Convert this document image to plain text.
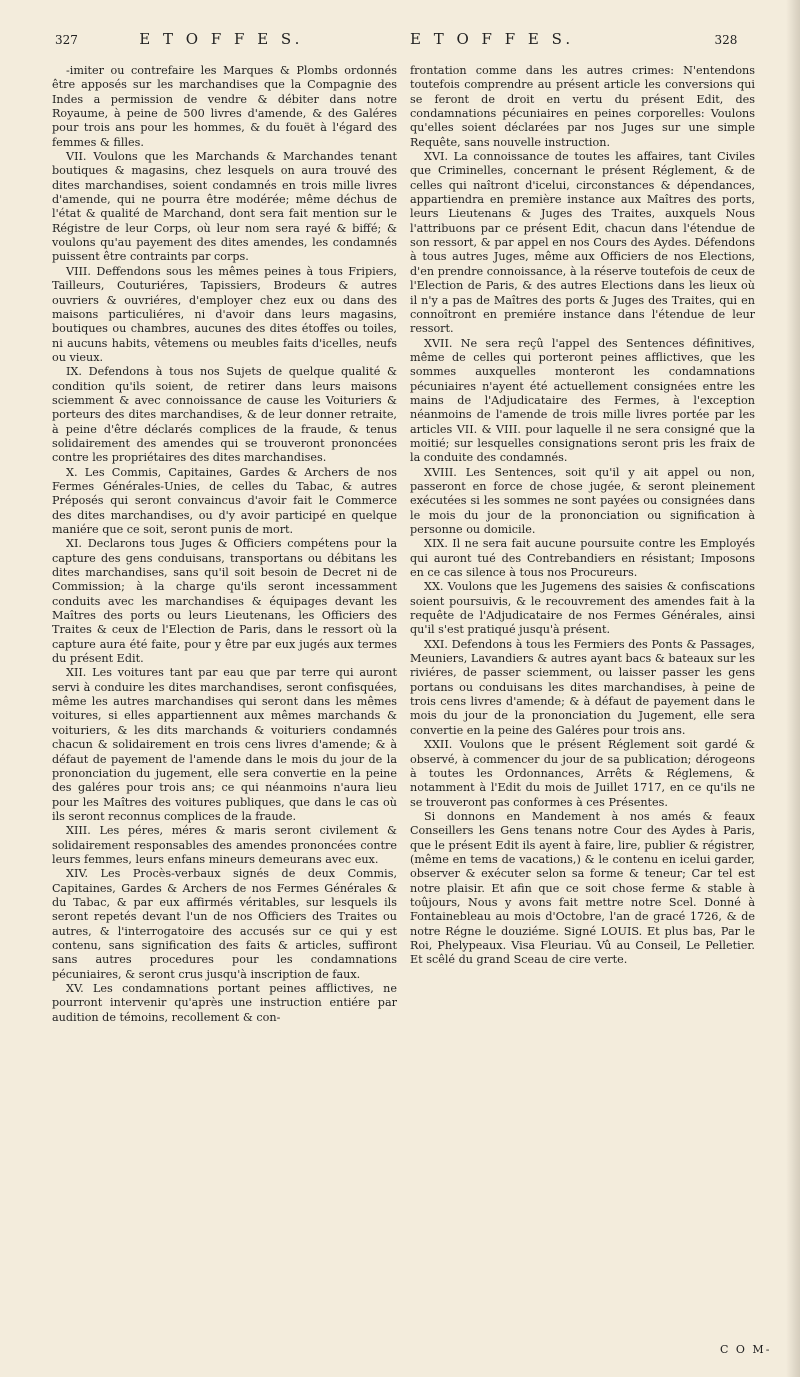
327	E T O F F E S.	E T O F F E S.	328

-imiter ou contrefaire les Marques & Plombs ordonnés être apposés sur les marchandises que la Compagnie des Indes a permission de vendre & débiter dans notre Royaume, à peine de 500 livres d'amende, & des Galéres pour trois ans pour les hommes, & du fouët à l'égard des femmes & filles.

VII. Voulons que les Marchands & Marchandes tenant boutiques & magasins, chez lesquels on aura trouvé des dites marchandises, soient condamnés en trois mille livres d'amende, qui ne pourra être modérée; même déchus de l'état & qualité de Marchand, dont sera fait mention sur le Régistre de leur Corps, où leur nom sera rayé & biffé; & voulons qu'au payement des dites amendes, les condamnés puissent être contraints par corps.

VIII. Deffendons sous les mêmes peines à tous Fripiers, Tailleurs, Couturiéres, Tapissiers, Brodeurs & autres ouvriers & ouvriéres, d'employer chez eux ou dans des maisons particuliéres, ni d'avoir dans leurs magasins, boutiques ou chambres, aucunes des dites étoffes ou toiles, ni aucuns habits, vêtemens ou meubles faits d'icelles, neufs ou vieux.

IX. Defendons à tous nos Sujets de quelque qualité & condition qu'ils soient, de retirer dans leurs maisons sciemment & avec connoissance de cause les Voituriers & porteurs des dites marchandises, & de leur donner retraite, à peine d'être déclarés complices de la fraude, & tenus solidairement des amendes qui se trouveront prononcées contre les propriétaires des dites marchandises.

X. Les Commis, Capitaines, Gardes & Archers de nos Fermes Générales-Unies, de celles du Tabac, & autres Préposés qui seront convaincus d'avoir fait le Commerce des dites marchandises, ou d'y avoir participé en quelque maniére que ce soit, seront punis de mort.

XI. Declarons tous Juges & Officiers compétens pour la capture des gens conduisans, transportans ou débitans les dites marchandises, sans qu'il soit besoin de Decret ni de Commission; à la charge qu'ils seront incessamment conduits avec les marchandises & équipages devant les Maîtres des ports ou leurs Lieutenans, les Officiers des Traites & ceux de l'Election de Paris, dans le ressort où la capture aura été faite, pour y être par eux jugés aux termes du présent Edit.

XII. Les voitures tant par eau que par terre qui auront servi à conduire les dites marchandises, seront confisquées, même les autres marchandises qui seront dans les mêmes voitures, si elles appartiennent aux mêmes marchands & voituriers, & les dits marchands & voituriers condamnés chacun & solidairement en trois cens livres d'amende; & à défaut de payement de l'amende dans le mois du jour de la prononciation du jugement, elle sera convertie en la peine des galéres pour trois ans; ce qui néanmoins n'aura lieu pour les Maîtres des voitures publiques, que dans le cas où ils seront reconnus complices de la fraude.

XIII. Les péres, méres & maris seront civilement & solidairement responsables des amendes prononcées contre leurs femmes, leurs enfans mineurs demeurans avec eux.

XIV. Les Procès-verbaux signés de deux Commis, Capitaines, Gardes & Archers de nos Fermes Générales & du Tabac, & par eux affirmés véritables, sur lesquels ils seront repetés devant l'un de nos Officiers des Traites ou autres, & l'interrogatoire des accusés sur ce qui y est contenu, sans signification des faits & articles, suffiront sans autres procedures pour les condamnations pécuniaires, & seront crus jusqu'à inscription de faux.

XV. Les condamnations portant peines afflictives, ne pourront intervenir qu'après une instruction entiére par audition de témoins, recollement & con-

frontation comme dans les autres crimes: N'entendons toutefois comprendre au présent article les conversions qui se feront de droit en vertu du présent Edit, des condamnations pécuniaires en peines corporelles: Voulons qu'elles soient déclarées par nos Juges sur une simple Requête, sans nouvelle instruction.

XVI. La connoissance de toutes les affaires, tant Civiles que Criminelles, concernant le présent Réglement, & de celles qui naîtront d'icelui, circonstances & dépendances, appartiendra en première instance aux Maîtres des ports, leurs Lieutenans & Juges des Traites, auxquels Nous l'attribuons par ce présent Edit, chacun dans l'étendue de son ressort, & par appel en nos Cours des Aydes. Défendons à tous autres Juges, même aux Officiers de nos Elections, d'en prendre connoissance, à la réserve toutefois de ceux de l'Election de Paris, & des autres Elections dans les lieux où il n'y a pas de Maîtres des ports & Juges des Traites, qui en connoîtront en premiére instance dans l'étendue de leur ressort.

XVII. Ne sera reçû l'appel des Sentences définitives, même de celles qui porteront peines afflictives, que les sommes auxquelles monteront les condamnations pécuniaires n'ayent été actuellement consignées entre les mains de l'Adjudicataire des Fermes, à l'exception néanmoins de l'amende de trois mille livres portée par les articles VII. & VIII. pour laquelle il ne sera consigné que la moitié; sur lesquelles consignations seront pris les fraix de la conduite des condamnés.

XVIII. Les Sentences, soit qu'il y ait appel ou non, passeront en force de chose jugée, & seront pleinement exécutées si les sommes ne sont payées ou consignées dans le mois du jour de la prononciation ou signification à personne ou domicile.

XIX. Il ne sera fait aucune poursuite contre les Employés qui auront tué des Contrebandiers en résistant; Imposons en ce cas silence à tous nos Procureurs.

XX. Voulons que les Jugemens des saisies & confiscations soient poursuivis, & le recouvrement des amendes fait à la requête de l'Adjudicataire de nos Fermes Générales, ainsi qu'il s'est pratiqué jusqu'à présent.

XXI. Defendons à tous les Fermiers des Ponts & Passages, Meuniers, Lavandiers & autres ayant bacs & bateaux sur les riviéres, de passer sciemment, ou laisser passer les gens portans ou conduisans les dites marchandises, à peine de trois cens livres d'amende; & à défaut de payement dans le mois du jour de la prononciation du Jugement, elle sera convertie en la peine des Galéres pour trois ans.

XXII. Voulons que le présent Réglement soit gardé & observé, à commencer du jour de sa publication; dérogeons à toutes les Ordonnances, Arrêts & Réglemens, & notamment à l'Edit du mois de Juillet 1717, en ce qu'ils ne se trouveront pas conformes à ces Présentes.

Si donnons en Mandement à nos amés & feaux Conseillers les Gens tenans notre Cour des Aydes à Paris, que le présent Edit ils ayent à faire, lire, publier & régistrer, (même en tems de vacations,) & le contenu en icelui garder, observer & exécuter selon sa forme & teneur; Car tel est notre plaisir. Et afin que ce soit chose ferme & stable à toûjours, Nous y avons fait mettre notre Scel. Donné à Fontainebleau au mois d'Octobre, l'an de gracé 1726, & de notre Régne le douziéme. Signé LOUIS. Et plus bas, Par le Roi, Phelypeaux. Visa Fleuriau. Vû au Conseil, Le Pelletier. Et scêlé du grand Sceau de cire verte.

C O M-
